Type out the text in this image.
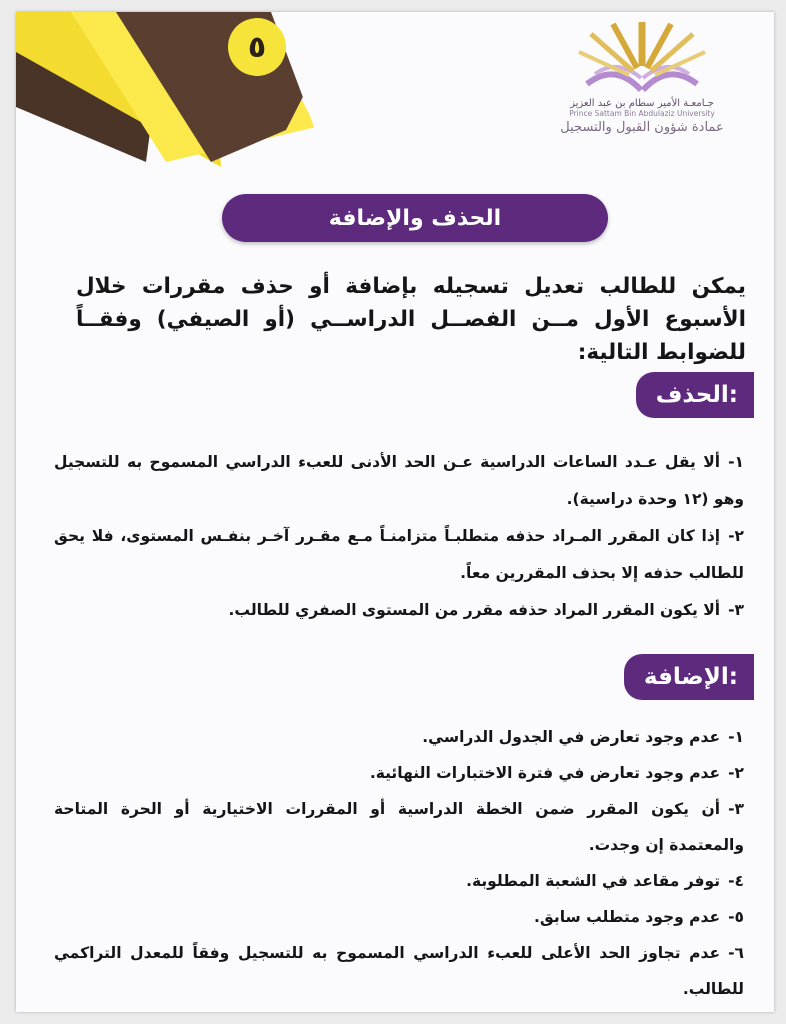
٥
جـامعـة الأمير سطام بن عبد العزيز
Prince Sattam Bin Abdulaziz University
عمادة شؤون القبول والتسجيل
الحذف والإضافة
يمكن للطالب تعديل تسجيله بإضافة أو حذف مقررات خلال الأسبوع الأول مــن الفصــل الدراســي (أو الصيفي) وفقــاً للضوابط التالية:
الحذف:

١-ألا يقل عـدد الساعات الدراسية عـن الحد الأدنى للعبء الدراسي المسموح به للتسجيل وهو (١٢ وحدة دراسية).

٢-إذا كان المقرر المـراد حذفه متطلبـاً متزامنـاً مـع مقـرر آخـر بنفـس المستوى، فلا يحق للطالب حذفه إلا بحذف المقررين معاً.

٣-ألا يكون المقرر المراد حذفه مقرر من المستوى الصفري للطالب.

الإضافة:

١-عدم وجود تعارض في الجدول الدراسي.

٢-عدم وجود تعارض في فترة الاختبارات النهائية.

٣-أن يكون المقرر ضمن الخطة الدراسية أو المقررات الاختيارية أو الحرة المتاحة والمعتمدة إن وجدت.

٤-توفر مقاعد في الشعبة المطلوبة.

٥-عدم وجود متطلب سابق.

٦-عدم تجاوز الحد الأعلى للعبء الدراسي المسموح به للتسجيل وفقاً للمعدل التراكمي للطالب.
